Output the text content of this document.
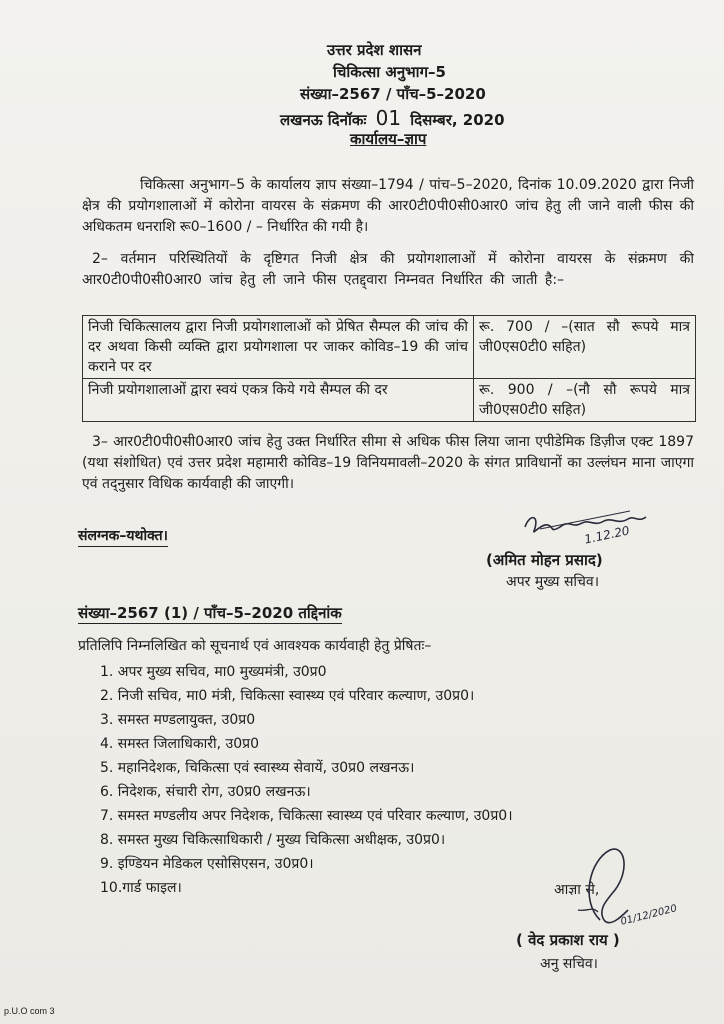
उत्तर प्रदेश शासन
चिकित्सा अनुभाग–5
संख्या–2567 / पाँच–5–2020
लखनऊ दिनॉकः 01 दिसम्बर, 2020
कार्यालय–ज्ञाप
चिकित्सा अनुभाग–5 के कार्यालय ज्ञाप संख्या–1794 / पांच–5–2020, दिनांक 10.09.2020 द्वारा निजी क्षेत्र की प्रयोगशालाओं में कोरोना वायरस के संक्रमण की आर0टी0पी0सी0आर0 जांच हेतु ली जाने वाली फीस की अधिकतम धनराशि रू0–1600 / – निर्धारित की गयी है।
2– वर्तमान परिस्थितियों के दृष्टिगत निजी क्षेत्र की प्रयोगशालाओं में कोरोना वायरस के संक्रमण की आर0टी0पी0सी0आर0 जांच हेतु ली जाने फीस एतद्द्वारा निम्नवत निर्धारित की जाती है:–
निजी चिकित्सालय द्वारा निजी प्रयोगशालाओं को प्रेषित सैम्पल की जांच की दर अथवा किसी व्यक्ति द्वारा प्रयोगशाला पर जाकर कोविड–19 की जांच कराने पर दर	रू. 700 / –(सात सौ रूपये मात्र जी0एस0टी0 सहित)
निजी प्रयोगशालाओं द्वारा स्वयं एकत्र किये गये सैम्पल की दर	रू. 900 / –(नौ सौ रूपये मात्र जी0एस0टी0 सहित)
3– आर0टी0पी0सी0आर0 जांच हेतु उक्त निर्धारित सीमा से अधिक फीस लिया जाना एपीडेमिक डिज़ीज एक्ट 1897 (यथा संशोधित) एवं उत्तर प्रदेश महामारी कोविड–19 विनियमावली–2020 के संगत प्राविधानों का उल्लंघन माना जाएगा एवं तद्नुसार विधिक कार्यवाही की जाएगी।
संलग्नक–यथोक्त।	1.12.20
(अमित मोहन प्रसाद)
अपर मुख्य सचिव।
संख्या–2567 (1) / पाँच–5–2020 तद्दिनांक
प्रतिलिपि निम्नलिखित को सूचनार्थ एवं आवश्यक कार्यवाही हेतु प्रेषितः–
1. अपर मुख्य सचिव, मा0 मुख्यमंत्री, उ0प्र0
2. निजी सचिव, मा0 मंत्री, चिकित्सा स्वास्थ्य एवं परिवार कल्याण, उ0प्र0।
3. समस्त मण्डलायुक्त, उ0प्र0
4. समस्त जिलाधिकारी, उ0प्र0
5. महानिदेशक, चिकित्सा एवं स्वास्थ्य सेवायें, उ0प्र0 लखनऊ।
6. निदेशक, संचारी रोग, उ0प्र0 लखनऊ।
7. समस्त मण्डलीय अपर निदेशक, चिकित्सा स्वास्थ्य एवं परिवार कल्याण, उ0प्र0।
8. समस्त मुख्य चिकित्साधिकारी / मुख्य चिकित्सा अधीक्षक, उ0प्र0।
9. इण्डियन मेडिकल एसोसिएसन, उ0प्र0।
10.गार्ड फाइल।	आज्ञा से,
01/12/2020
( वेद प्रकाश राय )
अनु सचिव।
p.U.O com 3
